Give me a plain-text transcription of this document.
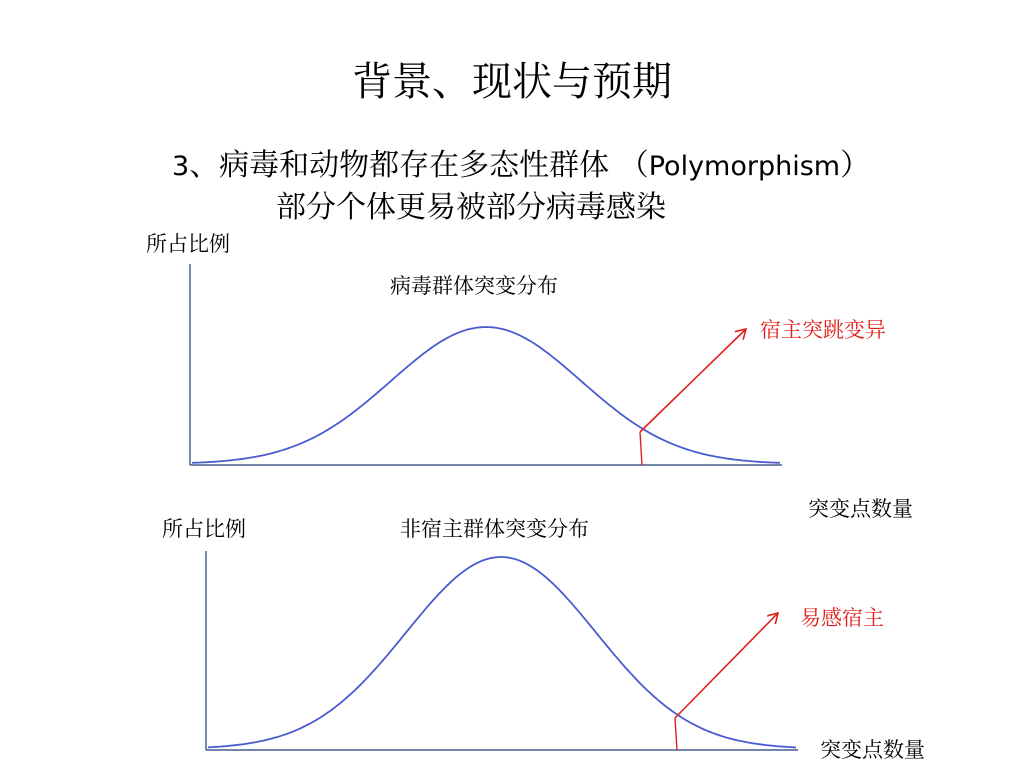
背景、现状与预期
3、病毒和动物都存在多态性群体 （Polymorphism）
部分个体更易被部分病毒感染
所占比例
病毒群体突变分布
宿主突跳变异
突变点数量
所占比例	非宿主群体突变分布
易感宿主
突变点数量
